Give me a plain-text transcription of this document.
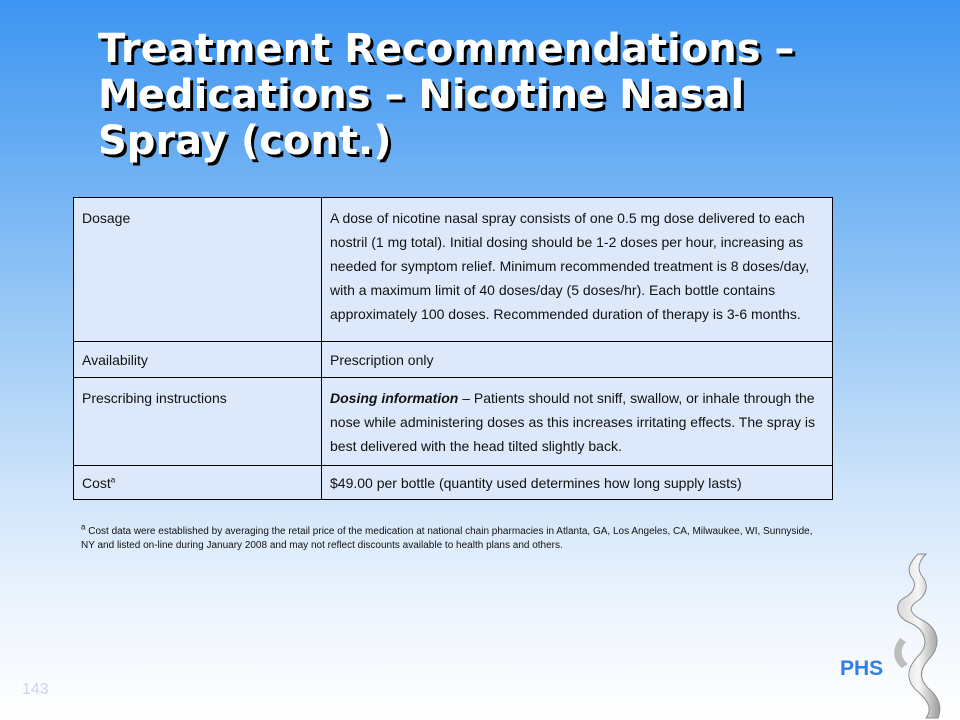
Treatment Recommendations –
Medications – Nicotine Nasal
Spray (cont.)
Dosage	A dose of nicotine nasal spray consists of one 0.5 mg dose delivered to each nostril (1 mg total). Initial dosing should be 1-2 doses per hour, increasing as needed for symptom relief. Minimum recommended treatment is 8 doses/day, with a maximum limit of 40 doses/day (5 doses/hr). Each bottle contains approximately 100 doses. Recommended duration of therapy is 3-6 months.
Availability	Prescription only
Prescribing instructions	Dosing information – Patients should not sniff, swallow, or inhale through the nose while administering doses as this increases irritating effects. The spray is best delivered with the head tilted slightly back.
Cost$^a$	$49.00 per bottle (quantity used determines how long supply lasts)
$^a$ Cost data were established by averaging the retail price of the medication at national chain pharmacies in Atlanta, GA, Los Angeles, CA, Milwaukee, WI, Sunnyside, NY and listed on-line during January 2008 and may not reflect discounts available to health plans and others.
143
PHS
